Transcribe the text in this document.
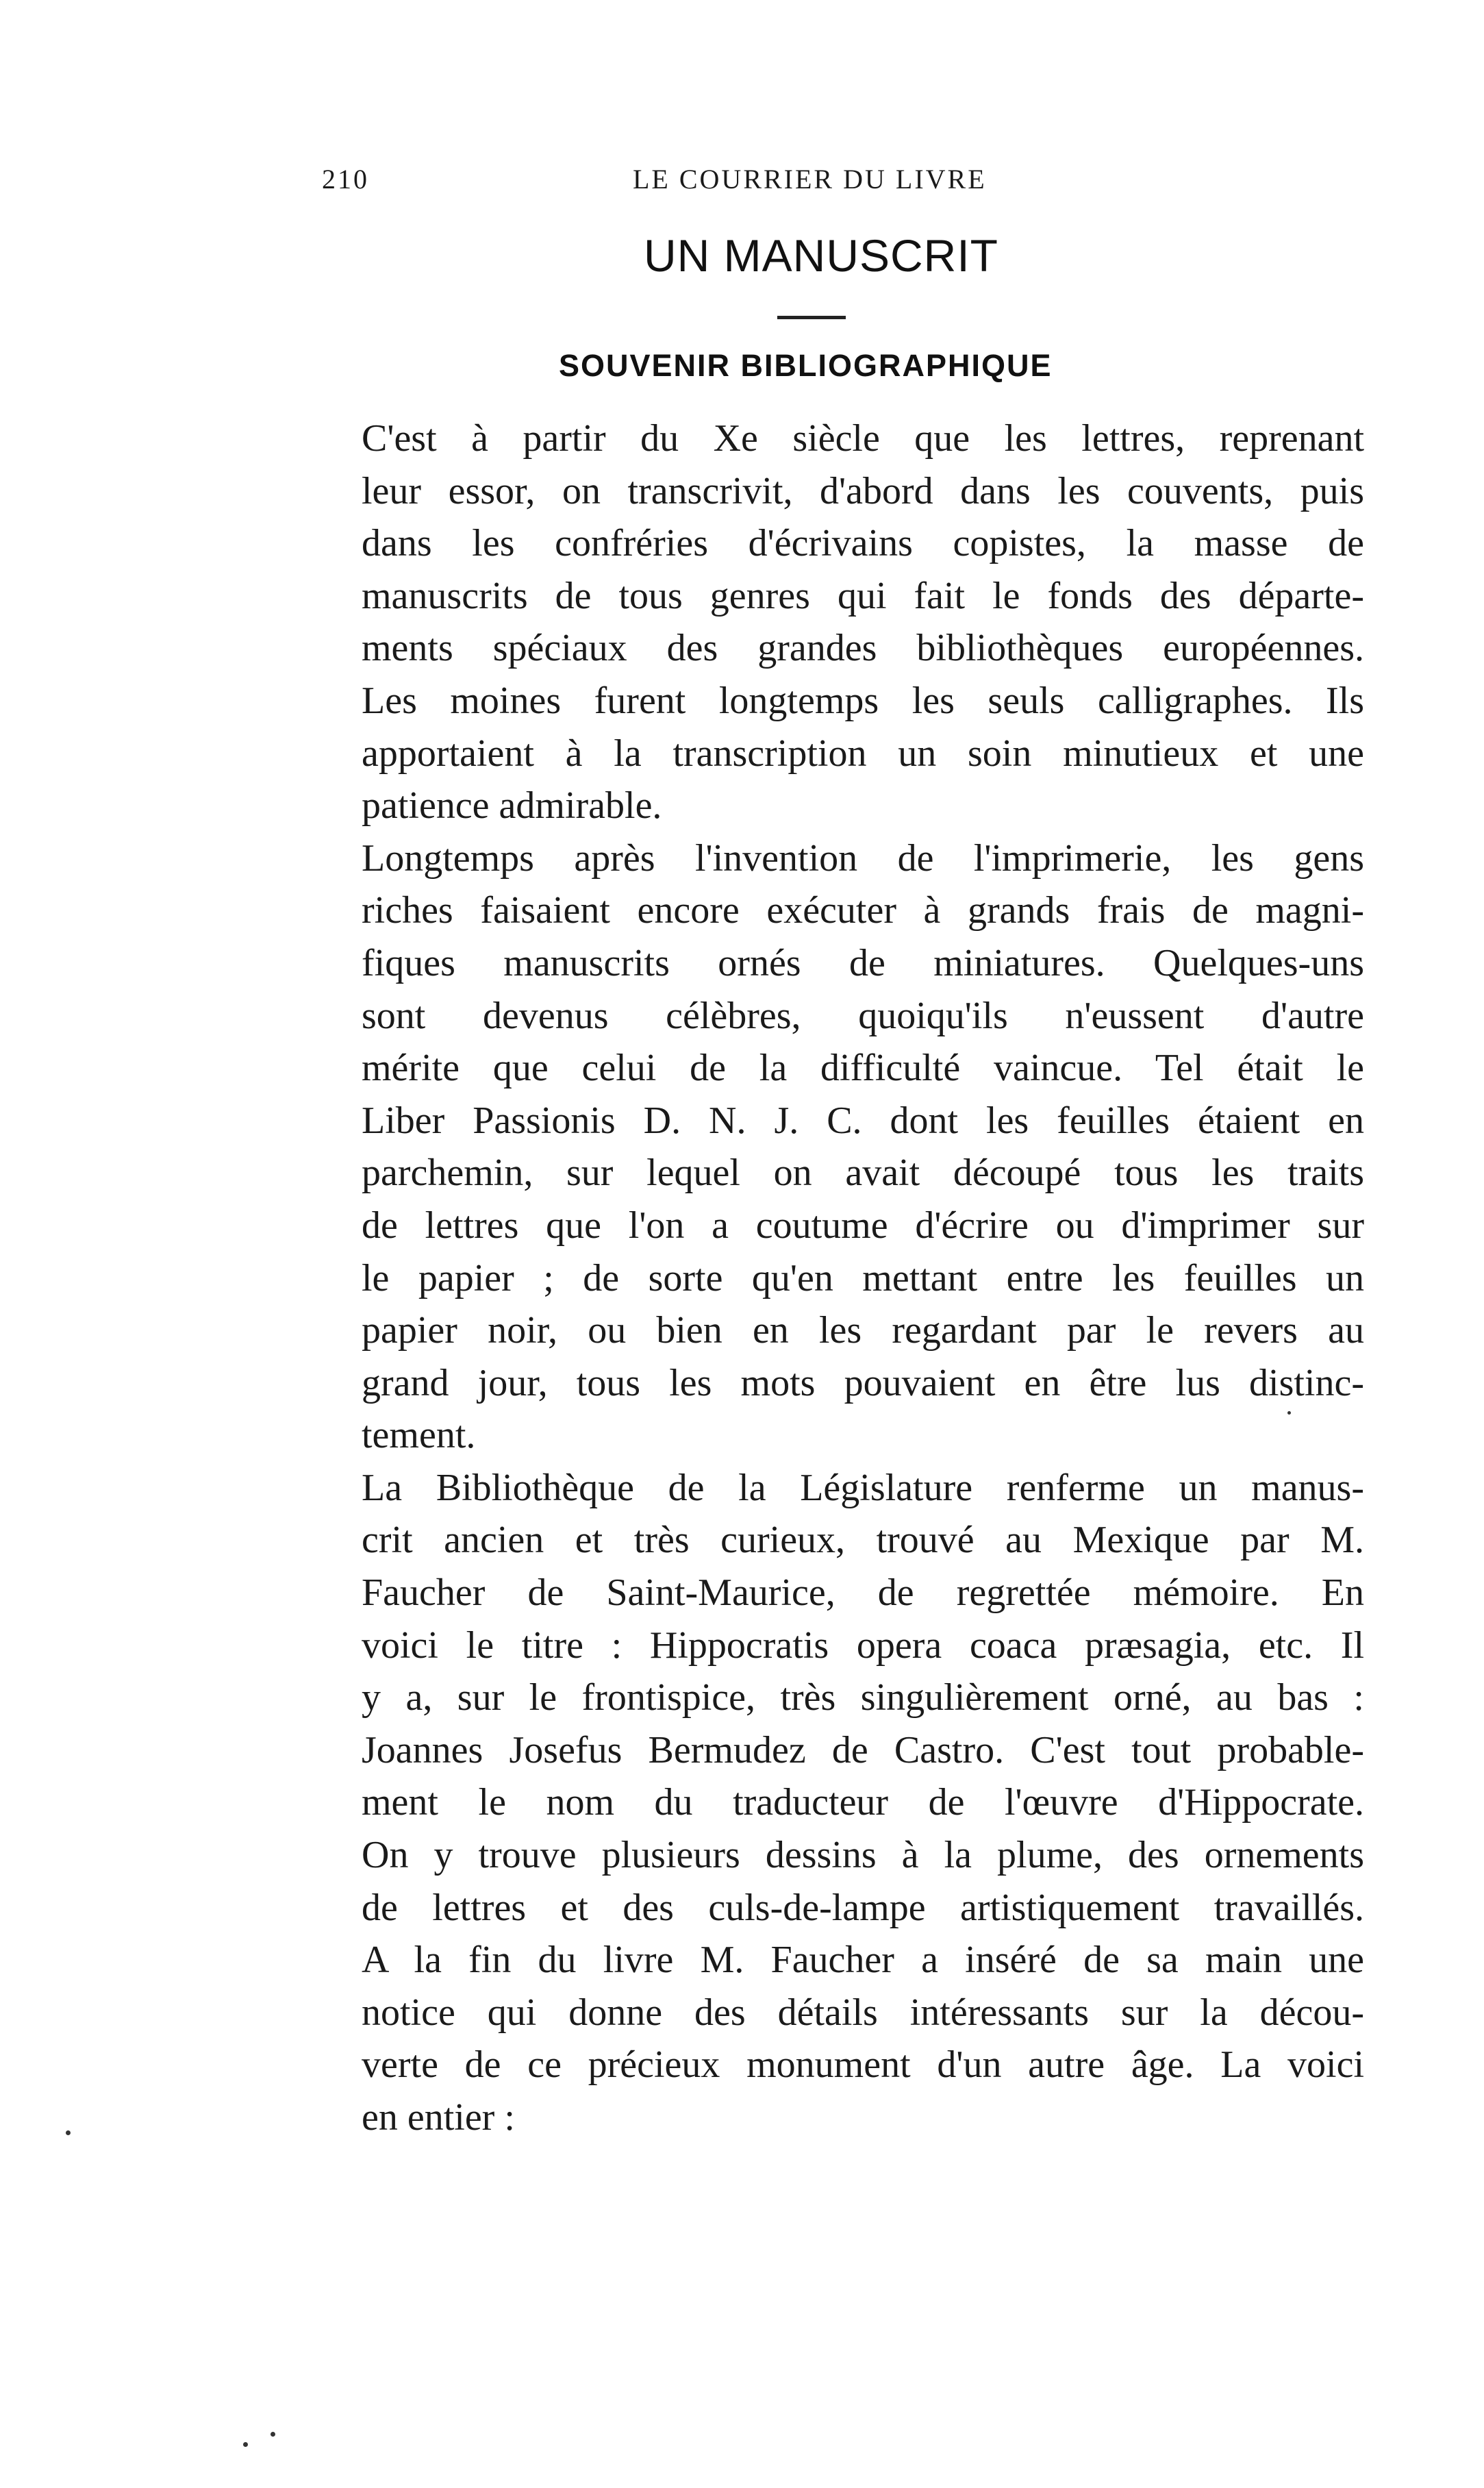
210	LE COURRIER DU LIVRE
UN MANUSCRIT
SOUVENIR BIBLIOGRAPHIQUE
C'est à partir du Xe siècle que les lettres, reprenant
leur essor, on transcrivit, d'abord dans les couvents, puis
dans les confréries d'écrivains copistes, la masse de
manuscrits de tous genres qui fait le fonds des départe-
ments spéciaux des grandes bibliothèques européennes.
Les moines furent longtemps les seuls calligraphes. Ils
apportaient à la transcription un soin minutieux et une
patience admirable.
Longtemps après l'invention de l'imprimerie, les gens
riches faisaient encore exécuter à grands frais de magni-
fiques manuscrits ornés de miniatures. Quelques-uns
sont devenus célèbres, quoiqu'ils n'eussent d'autre
mérite que celui de la difficulté vaincue. Tel était le
Liber Passionis D. N. J. C. dont les feuilles étaient en
parchemin, sur lequel on avait découpé tous les traits
de lettres que l'on a coutume d'écrire ou d'imprimer sur
le papier ; de sorte qu'en mettant entre les feuilles un
papier noir, ou bien en les regardant par le revers au
grand jour, tous les mots pouvaient en être lus distinc-
tement.
La Bibliothèque de la Législature renferme un manus-
crit ancien et très curieux, trouvé au Mexique par M.
Faucher de Saint-Maurice, de regrettée mémoire. En
voici le titre : Hippocratis opera coaca præsagia, etc. Il
y a, sur le frontispice, très singulièrement orné, au bas :
Joannes Josefus Bermudez de Castro. C'est tout probable-
ment le nom du traducteur de l'œuvre d'Hippocrate.
On y trouve plusieurs dessins à la plume, des ornements
de lettres et des culs-de-lampe artistiquement travaillés.
A la fin du livre M. Faucher a inséré de sa main une
notice qui donne des détails intéressants sur la décou-
verte de ce précieux monument d'un autre âge. La voici
en entier :
